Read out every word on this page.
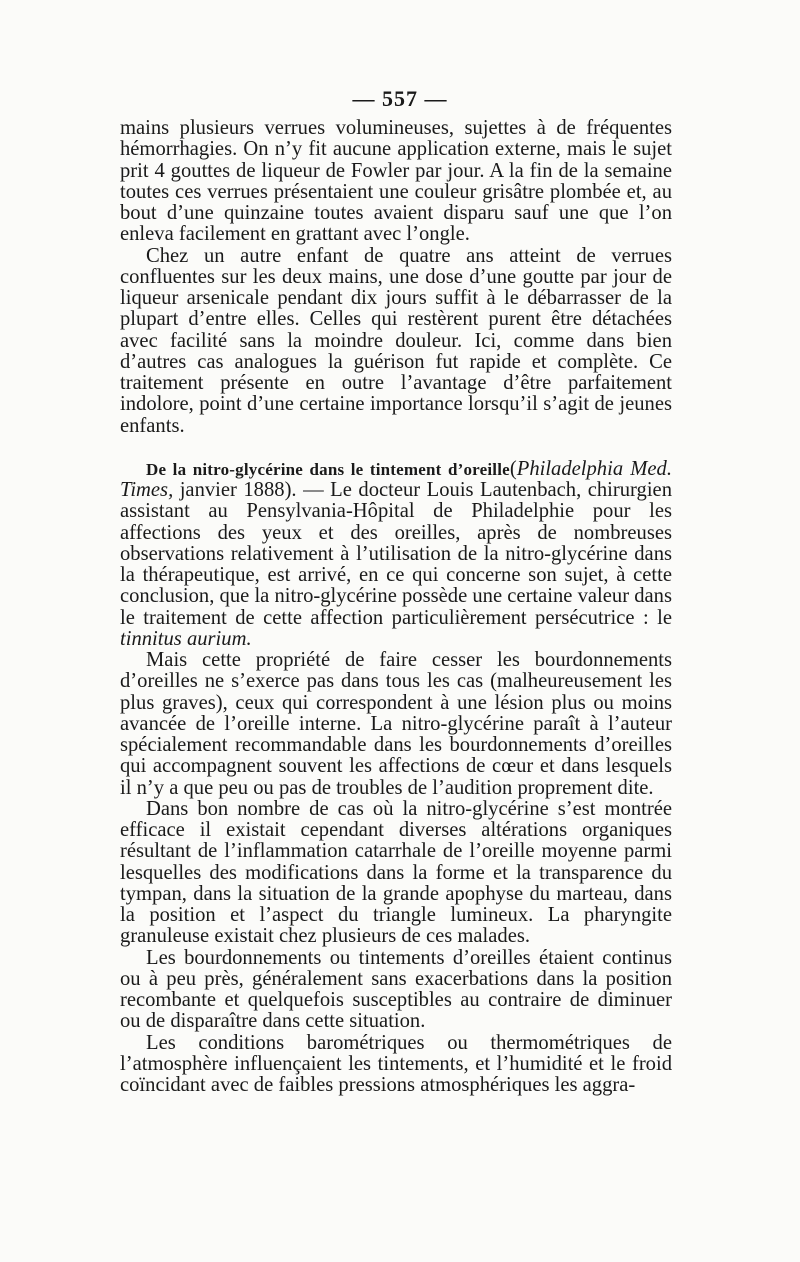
— 557 —

mains plusieurs verrues volumineuses, sujettes à de fréquentes hémorrhagies. On n’y fit aucune application externe, mais le sujet prit 4 gouttes de liqueur de Fowler par jour. A la fin de la semaine toutes ces verrues présentaient une couleur grisâtre plombée et, au bout d’une quinzaine toutes avaient disparu sauf une que l’on enleva facilement en grattant avec l’ongle.

Chez un autre enfant de quatre ans atteint de verrues confluentes sur les deux mains, une dose d’une goutte par jour de liqueur arsenicale pendant dix jours suffit à le débarrasser de la plupart d’entre elles. Celles qui restèrent purent être détachées avec facilité sans la moindre douleur. Ici, comme dans bien d’autres cas analogues la guérison fut rapide et complète. Ce traitement présente en outre l’avantage d’être parfaitement indolore, point d’une certaine importance lorsqu’il s’agit de jeunes enfants.

De la nitro-glycérine dans le tintement d’oreille(Philadelphia Med. Times, janvier 1888). — Le docteur Louis Lautenbach, chirurgien assistant au Pensylvania-Hôpital de Philadelphie pour les affections des yeux et des oreilles, après de nombreuses observations relativement à l’utilisation de la nitro-glycérine dans la thérapeutique, est arrivé, en ce qui concerne son sujet, à cette conclusion, que la nitro-glycérine possède une certaine valeur dans le traitement de cette affection particulièrement persécutrice : le tinnitus aurium.

Mais cette propriété de faire cesser les bourdonnements d’oreilles ne s’exerce pas dans tous les cas (malheureusement les plus graves), ceux qui correspondent à une lésion plus ou moins avancée de l’oreille interne. La nitro-glycérine paraît à l’auteur spécialement recommandable dans les bourdonnements d’oreilles qui accompagnent souvent les affections de cœur et dans lesquels il n’y a que peu ou pas de troubles de l’audition proprement dite.

Dans bon nombre de cas où la nitro-glycérine s’est montrée efficace il existait cependant diverses altérations organiques résultant de l’inflammation catarrhale de l’oreille moyenne parmi lesquelles des modifications dans la forme et la transparence du tympan, dans la situation de la grande apophyse du marteau, dans la position et l’aspect du triangle lumineux. La pharyngite granuleuse existait chez plusieurs de ces malades.

Les bourdonnements ou tintements d’oreilles étaient continus ou à peu près, généralement sans exacerbations dans la position recombante et quelquefois susceptibles au contraire de diminuer ou de disparaître dans cette situation.

Les conditions barométriques ou thermométriques de l’atmosphère influençaient les tintements, et l’humidité et le froid coïncidant avec de faibles pressions atmosphériques les aggra-
